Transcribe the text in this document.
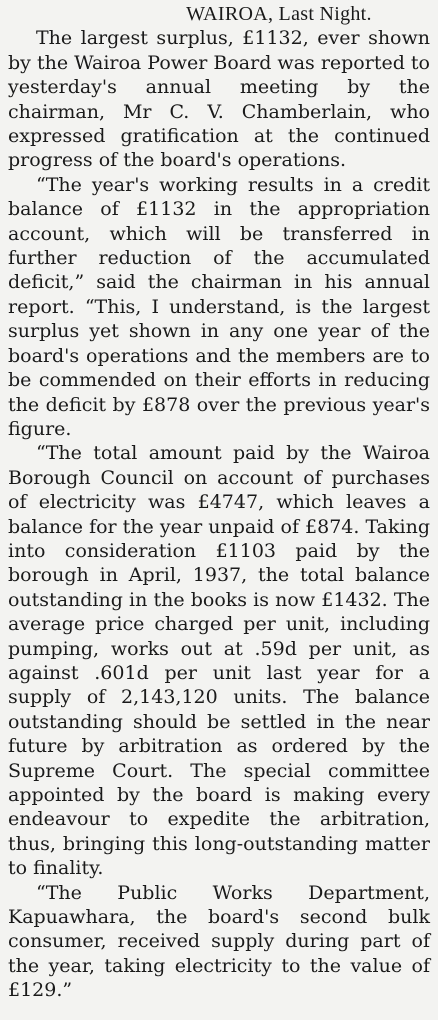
WAIROA, Last Night.

The largest surplus, £1132, ever shown by the Wairoa Power Board was reported to yesterday's annual meeting by the chairman, Mr C. V. Chamberlain, who expressed gratification at the continued progress of the board's operations.

“The year's working results in a credit balance of £1132 in the appropriation account, which will be transferred in further reduction of the accumulated deficit,” said the chairman in his annual report. “This, I understand, is the largest surplus yet shown in any one year of the board's operations and the members are to be commended on their efforts in reducing the deficit by £878 over the previous year's figure.

“The total amount paid by the Wairoa Borough Council on account of purchases of electricity was £4747, which leaves a balance for the year unpaid of £874. Taking into consideration £1103 paid by the borough in April, 1937, the total balance outstanding in the books is now £1432. The average price charged per unit, including pumping, works out at .59d per unit, as against .601d per unit last year for a supply of 2,143,120 units. The balance outstanding should be settled in the near future by arbitration as ordered by the Supreme Court. The special committee appointed by the board is making every endeavour to expedite the arbitration, thus, bringing this long-outstanding matter to finality.

“The Public Works Department, Kapuawhara, the board's second bulk consumer, received supply during part of the year, taking electricity to the value of £129.”
